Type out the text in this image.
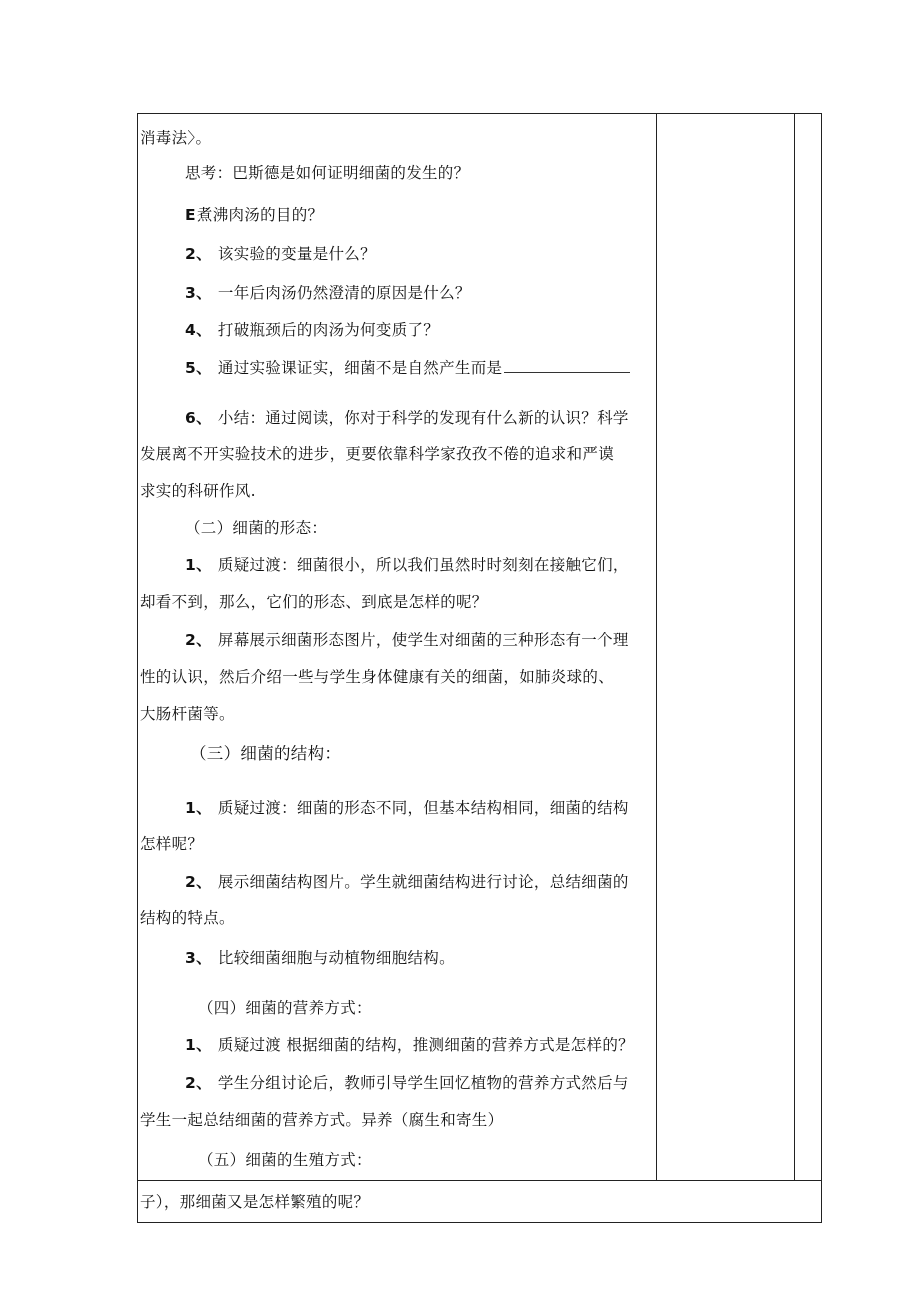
消毒法〉。
思考：巴斯德是如何证明细菌的发生的？
E煮沸肉汤的目的？
2、 该实验的变量是什么？
3、 一年后肉汤仍然澄清的原因是什么？
4、 打破瓶颈后的肉汤为何变质了？
5、 通过实验课证实，细菌不是自然产生而是
6、 小结：通过阅读，你对于科学的发现有什么新的认识？科学
发展离不开实验技术的进步，更要依靠科学家孜孜不倦的追求和严谟
求实的科研作风.
（二）细菌的形态：
1、 质疑过渡：细菌很小，所以我们虽然时时刻刻在接触它们，
却看不到，那么，它们的形态、到底是怎样的呢？
2、 屏幕展示细菌形态图片，使学生对细菌的三种形态有一个理
性的认识，然后介绍一些与学生身体健康有关的细菌，如肺炎球的、
大肠杆菌等。
（三）细菌的结构：
1、 质疑过渡：细菌的形态不同，但基本结构相同，细菌的结构
怎样呢？
2、 展示细菌结构图片。学生就细菌结构进行讨论，总结细菌的
结构的特点。
3、 比较细菌细胞与动植物细胞结构。
（四）细菌的营养方式：
1、 质疑过渡 根据细菌的结构，推测细菌的营养方式是怎样的？
2、 学生分组讨论后，教师引导学生回忆植物的营养方式然后与
学生一起总结细菌的营养方式。异养（腐生和寄生）
（五）细菌的生殖方式：
子），那细菌又是怎样繁殖的呢？
